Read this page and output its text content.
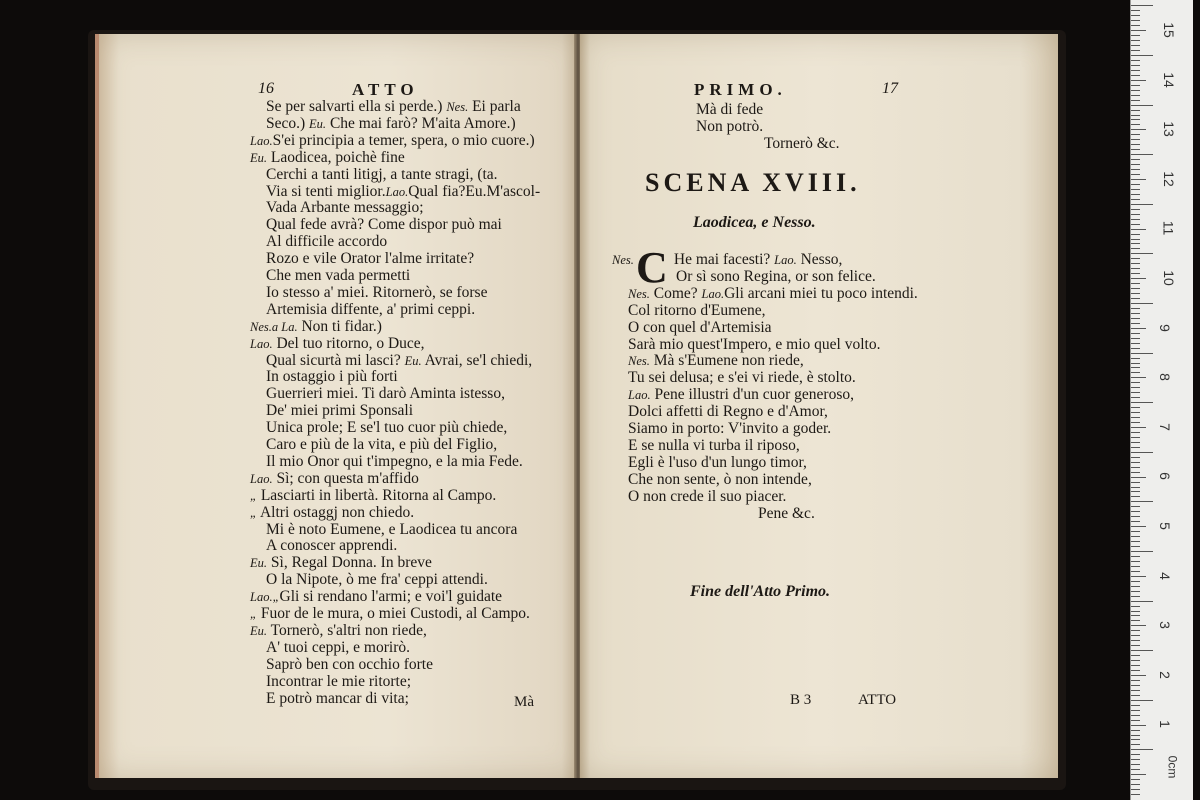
16	ATTO
Se per salvarti ella si perde.) Nes. Ei parla
Seco.) Eu. Che mai farò? M'aita Amore.)
Lao.S'ei principia a temer, spera, o mio cuore.)
Eu. Laodicea, poichè fine
Cerchi a tanti litigj, a tante stragi, (ta.
Via si tenti miglior.Lao.Qual fia?Eu.M'ascol-
Vada Arbante messaggio;
Qual fede avrà? Come dispor può mai
Al difficile accordo
Rozo e vile Orator l'alme irritate?
Che men vada permetti
Io stesso a' miei. Ritornerò, se forse
Artemisia diffente, a' primi ceppi.
Nes.a La. Non ti fidar.)
Lao. Del tuo ritorno, o Duce,
Qual sicurtà mi lasci? Eu. Avrai, se'l chiedi,
In ostaggio i più forti
Guerrieri miei. Ti darò Aminta istesso,
De' miei primi Sponsali
Unica prole; E se'l tuo cuor più chiede,
Caro e più de la vita, e più del Figlio,
Il mio Onor qui t'impegno, e la mia Fede.
Lao. Sì; con questa m'affido
„ Lasciarti in libertà. Ritorna al Campo.
„ Altri ostaggj non chiedo.
Mi è noto Eumene, e Laodicea tu ancora
A conoscer apprendi.
Eu. Sì, Regal Donna. In breve
O la Nipote, ò me fra' ceppi attendi.
Lao.„Gli si rendano l'armi; e voi'l guidate
„ Fuor de le mura, o miei Custodi, al Campo.
Eu. Tornerò, s'altri non riede,
A' tuoi ceppi, e morirò.
Saprò ben con occhio forte
Incontrar le mie ritorte;
E potrò mancar di vita;	Mà
PRIMO.	17
Mà di fede
Non potrò.
Tornerò &c.
SCENA XVIII.
Laodicea, e Nesso.
C
Nes.	He mai facesti? Lao. Nesso,
Or sì sono Regina, or son felice.
Nes. Come? Lao.Gli arcani miei tu poco intendi.
Col ritorno d'Eumene,
O con quel d'Artemisia
Sarà mio quest'Impero, e mio quel volto.
Nes. Mà s'Eumene non riede,
Tu sei delusa; e s'ei vi riede, è stolto.
Lao. Pene illustri d'un cuor generoso,
Dolci affetti di Regno e d'Amor,
Siamo in porto: V'invito a goder.
E se nulla vi turba il riposo,
Egli è l'uso d'un lungo timor,
Che non sente, ò non intende,
O non crede il suo piacer.
Pene &c.
Fine dell'Atto Primo.
B 3	ATTO
15
14
13
12
11
10
9
8
7
6
5
4
3
2
1
0cm
